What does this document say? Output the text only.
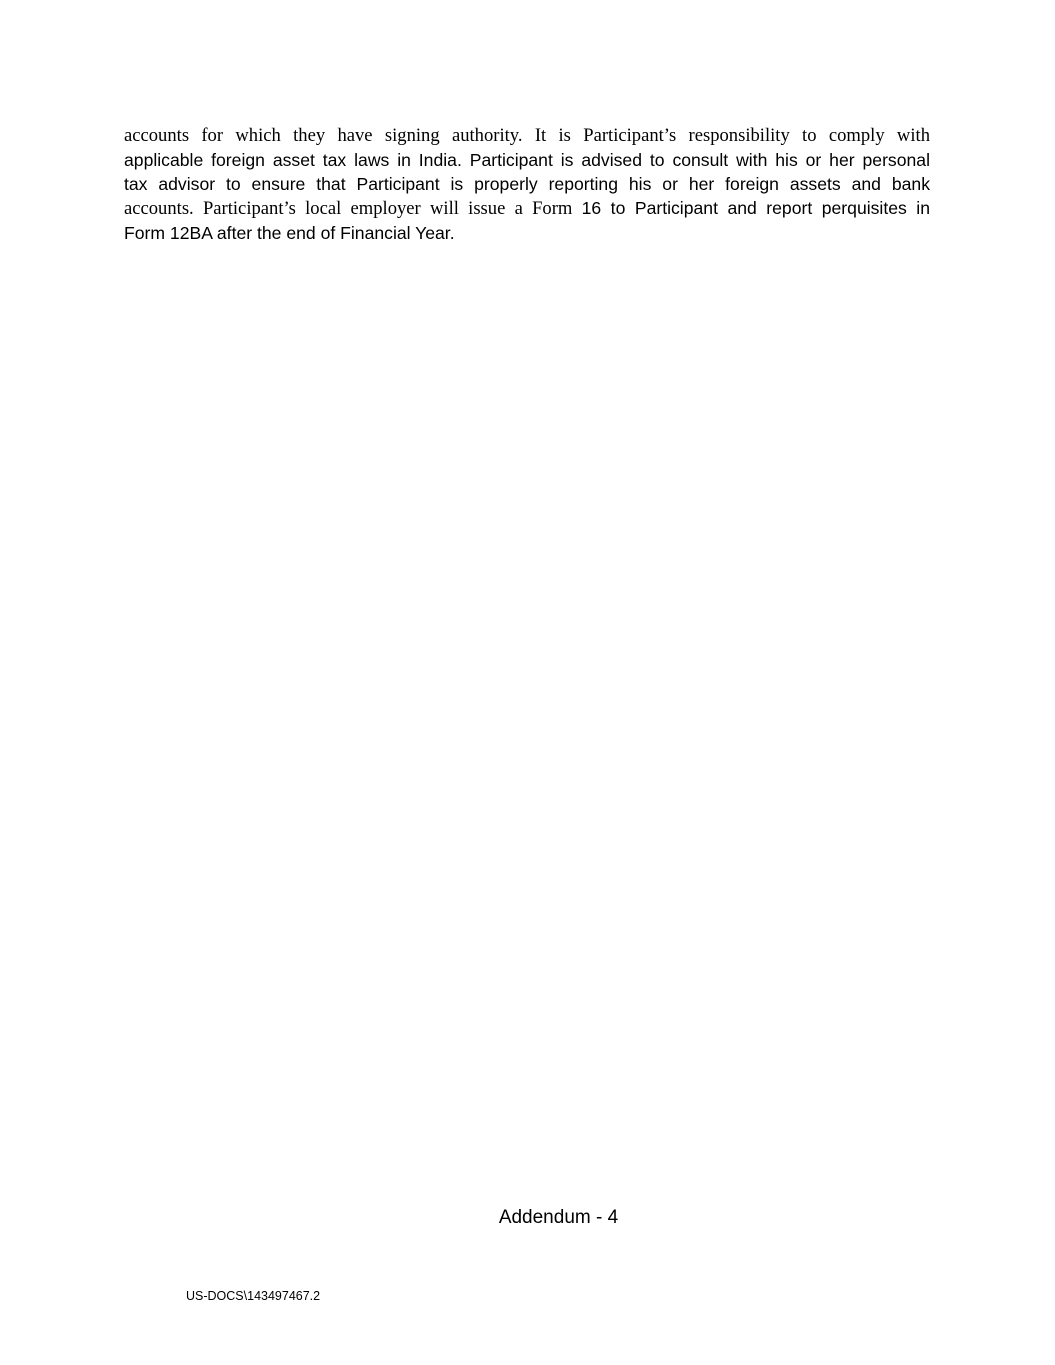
accounts for which they have signing authority. It is Participant’s responsibility to comply with
applicable foreign asset tax laws in India. Participant is advised to consult with his or her personal
tax advisor to ensure that Participant is properly reporting his or her foreign assets and bank
accounts. Participant’s local employer will issue a Form 16 to Participant and report perquisites in
Form 12BA after the end of Financial Year.

Addendum - 4

US-DOCS\143497467.2
